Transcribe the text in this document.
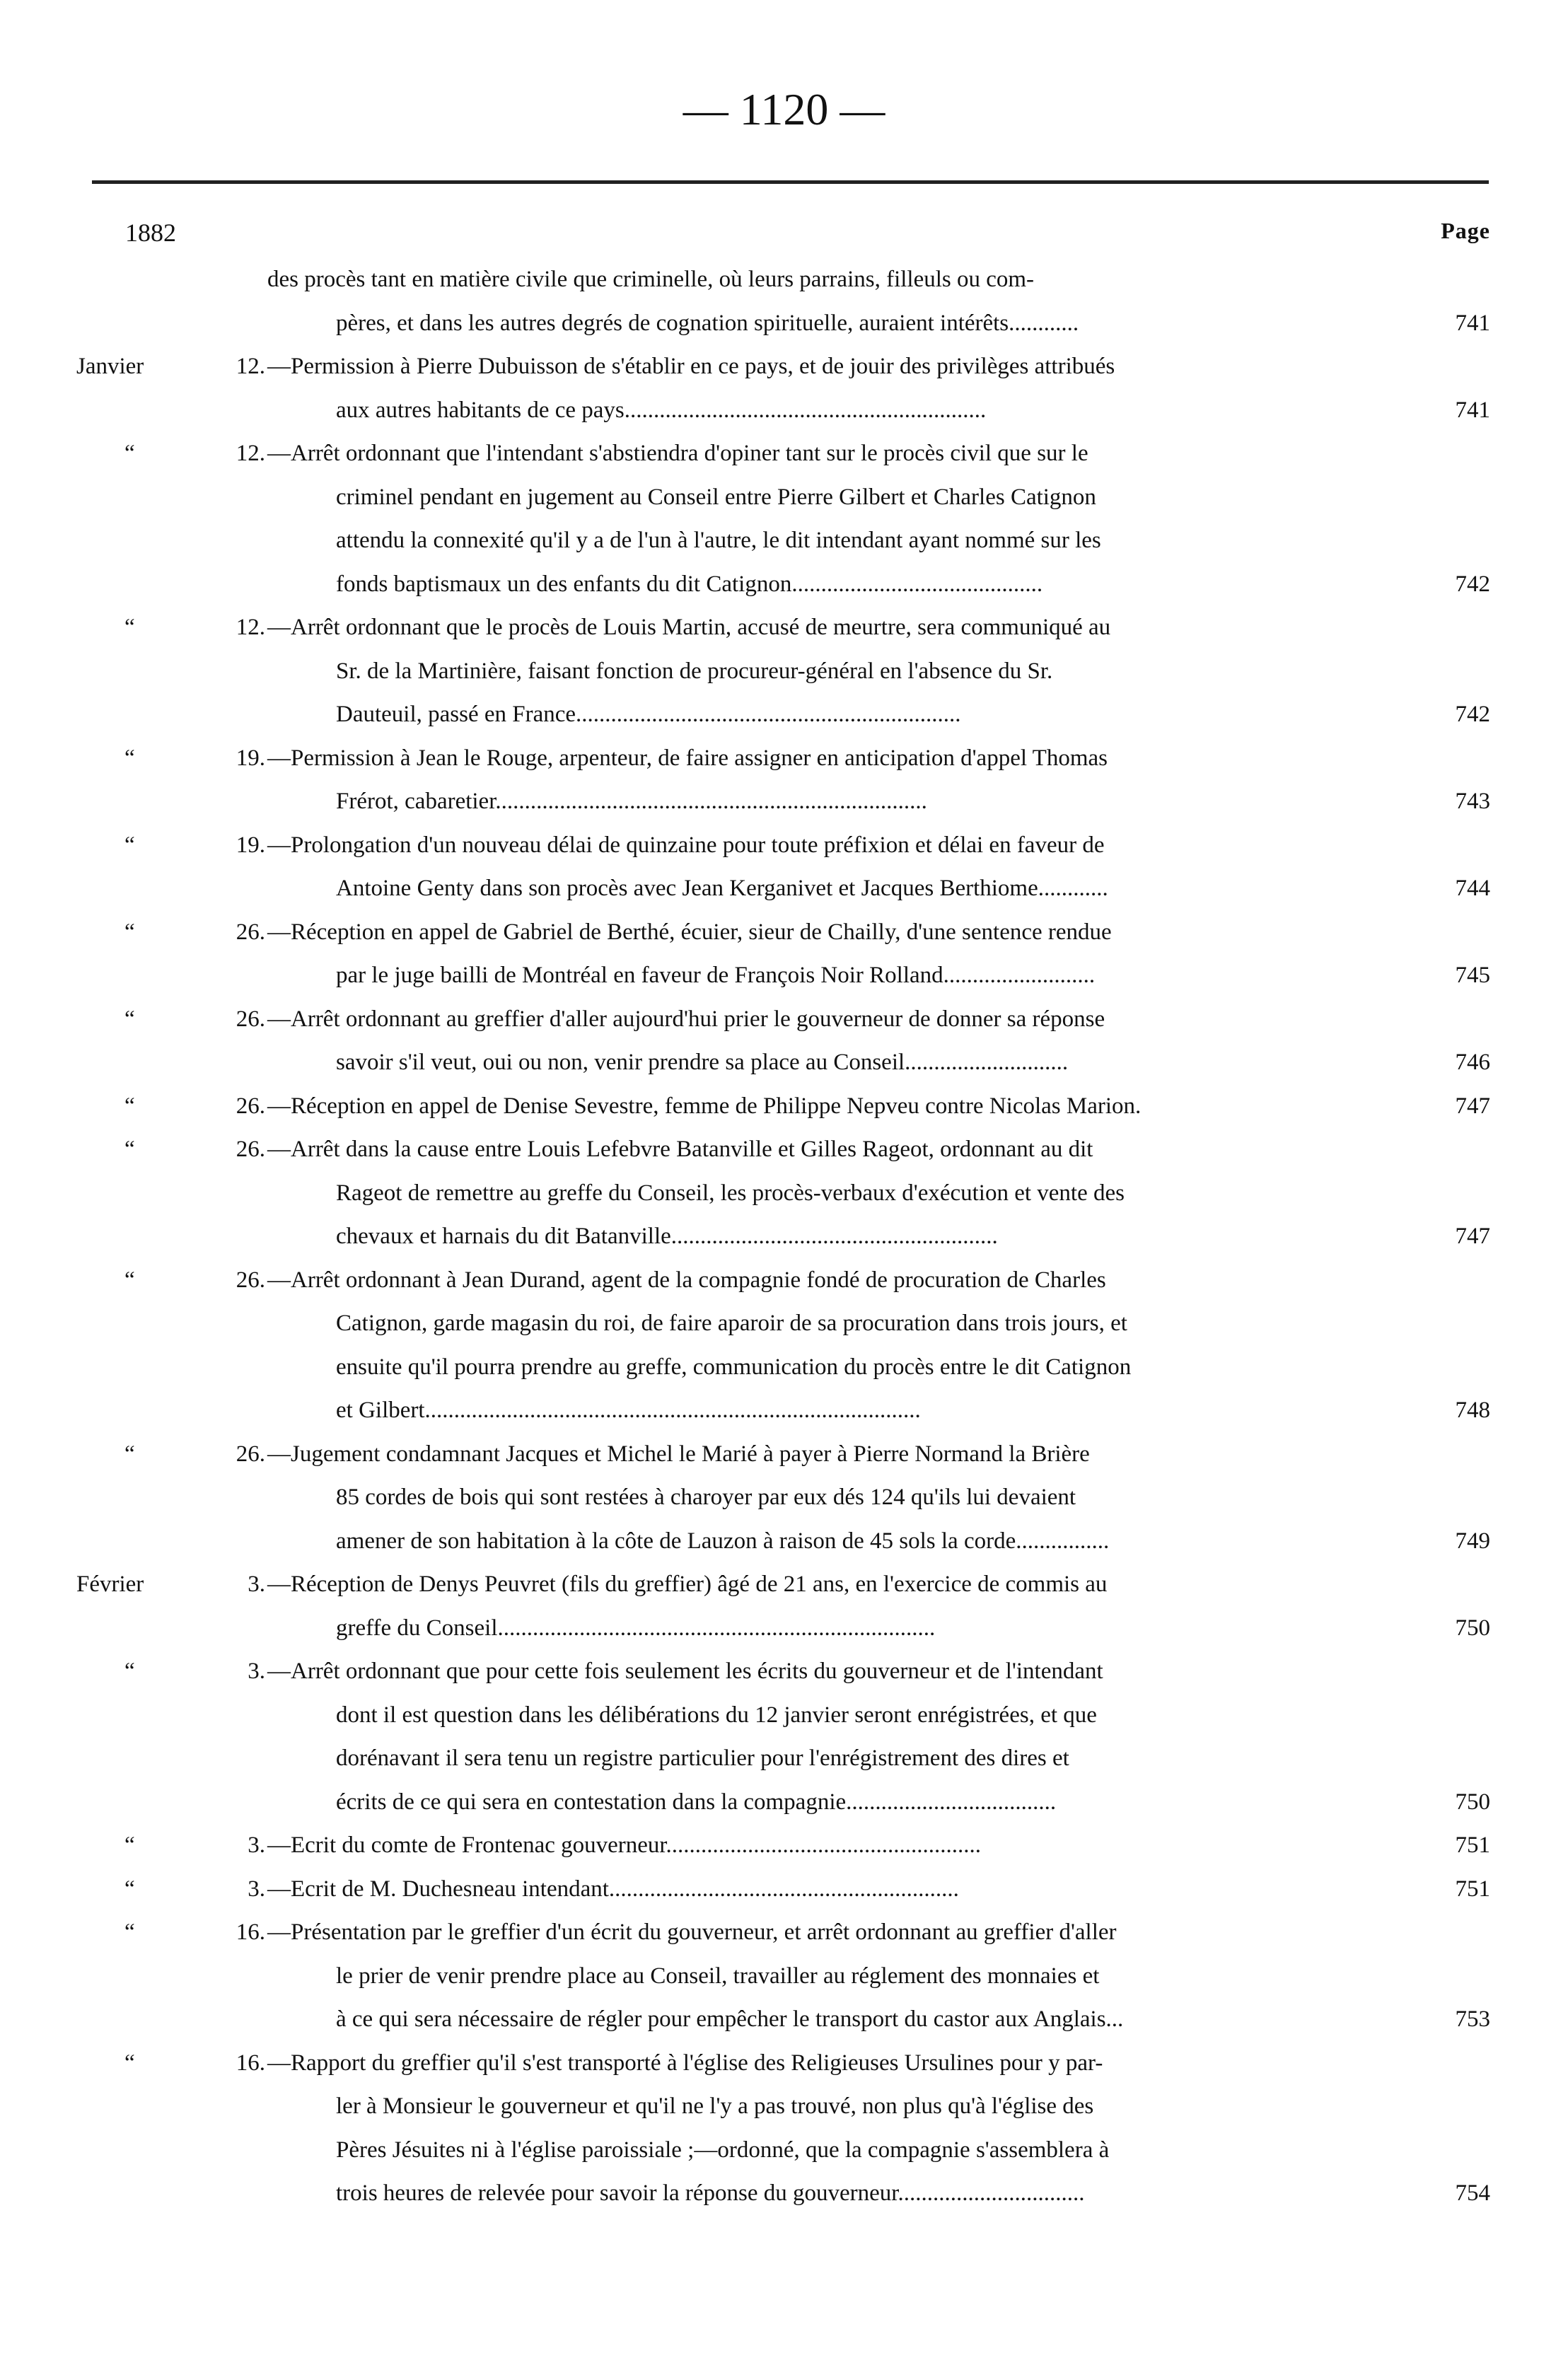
— 1120 —
1882	Page
des procès tant en matière civile que criminelle, où leurs parrains, filleuls ou com-
pères, et dans les autres degrés de cognation spirituelle, auraient intérêts............	741
Janvier	12. —Permission à Pierre Dubuisson de s'établir en ce pays, et de jouir des privilèges attribués
aux autres habitants de ce pays..............................................................	741
“	12. —Arrêt ordonnant que l'intendant s'abstiendra d'opiner tant sur le procès civil que sur le
criminel pendant en jugement au Conseil entre Pierre Gilbert et Charles Catignon
attendu la connexité qu'il y a de l'un à l'autre, le dit intendant ayant nommé sur les
fonds baptismaux un des enfants du dit Catignon...........................................	742
“	12. —Arrêt ordonnant que le procès de Louis Martin, accusé de meurtre, sera communiqué au
Sr. de la Martinière, faisant fonction de procureur-général en l'absence du Sr.
Dauteuil, passé en France..................................................................	742
“	19. —Permission à Jean le Rouge, arpenteur, de faire assigner en anticipation d'appel Thomas
Frérot, cabaretier..........................................................................	743
“	19. —Prolongation d'un nouveau délai de quinzaine pour toute préfixion et délai en faveur de
Antoine Genty dans son procès avec Jean Kerganivet et Jacques Berthiome............	744
“	26. —Réception en appel de Gabriel de Berthé, écuier, sieur de Chailly, d'une sentence rendue
par le juge bailli de Montréal en faveur de François Noir Rolland..........................	745
“	26. —Arrêt ordonnant au greffier d'aller aujourd'hui prier le gouverneur de donner sa réponse
savoir s'il veut, oui ou non, venir prendre sa place au Conseil............................	746
“	26. —Réception en appel de Denise Sevestre, femme de Philippe Nepveu contre Nicolas Marion.	747
“	26. —Arrêt dans la cause entre Louis Lefebvre Batanville et Gilles Rageot, ordonnant au dit
Rageot de remettre au greffe du Conseil, les procès-verbaux d'exécution et vente des
chevaux et harnais du dit Batanville........................................................	747
“	26. —Arrêt ordonnant à Jean Durand, agent de la compagnie fondé de procuration de Charles
Catignon, garde magasin du roi, de faire aparoir de sa procuration dans trois jours, et
ensuite qu'il pourra prendre au greffe, communication du procès entre le dit Catignon
et Gilbert.....................................................................................	748
“	26. —Jugement condamnant Jacques et Michel le Marié à payer à Pierre Normand la Brière
85 cordes de bois qui sont restées à charoyer par eux dés 124 qu'ils lui devaient
amener de son habitation à la côte de Lauzon à raison de 45 sols la corde................	749
Février	3. —Réception de Denys Peuvret (fils du greffier) âgé de 21 ans, en l'exercice de commis au
greffe du Conseil...........................................................................	750
“	3. —Arrêt ordonnant que pour cette fois seulement les écrits du gouverneur et de l'intendant
dont il est question dans les délibérations du 12 janvier seront enrégistrées, et que
dorénavant il sera tenu un registre particulier pour l'enrégistrement des dires et
écrits de ce qui sera en contestation dans la compagnie....................................	750
“	3. —Ecrit du comte de Frontenac gouverneur......................................................	751
“	3. —Ecrit de M. Duchesneau intendant............................................................	751
“	16. —Présentation par le greffier d'un écrit du gouverneur, et arrêt ordonnant au greffier d'aller
le prier de venir prendre place au Conseil, travailler au réglement des monnaies et
à ce qui sera nécessaire de régler pour empêcher le transport du castor aux Anglais...	753
“	16. —Rapport du greffier qu'il s'est transporté à l'église des Religieuses Ursulines pour y par-
ler à Monsieur le gouverneur et qu'il ne l'y a pas trouvé, non plus qu'à l'église des
Pères Jésuites ni à l'église paroissiale ;—ordonné, que la compagnie s'assemblera à
trois heures de relevée pour savoir la réponse du gouverneur................................	754
